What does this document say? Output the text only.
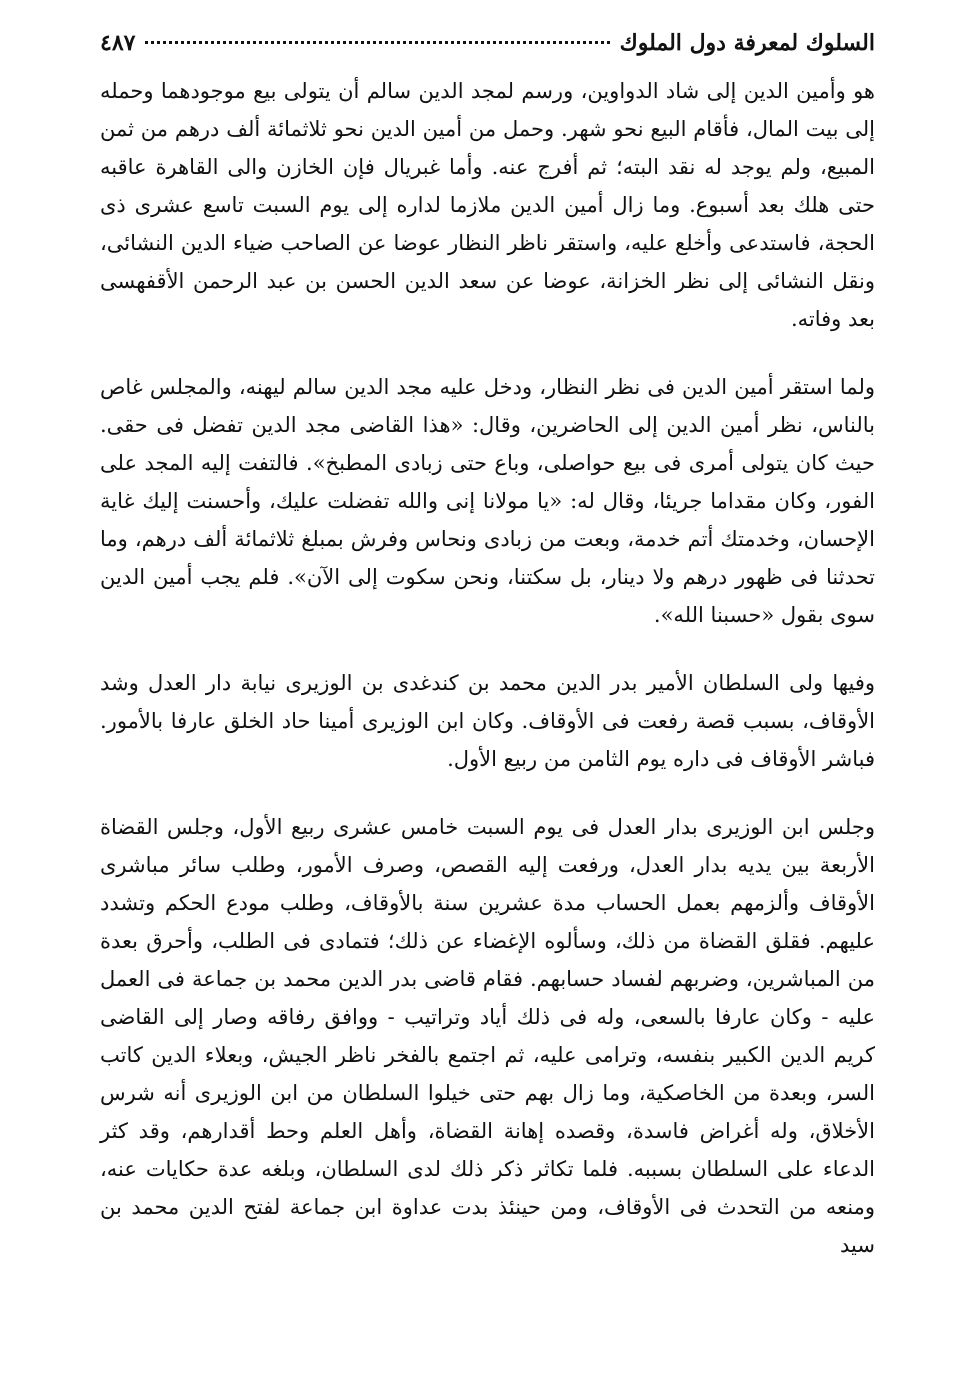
السلوك لمعرفة دول الملوك
٤٨٧

هو وأمين الدين إلى شاد الدواوين، ورسم لمجد الدين سالم أن يتولى بيع موجودهما وحمله إلى بيت المال، فأقام البيع نحو شهر. وحمل من أمين الدين نحو ثلاثمائة ألف درهم من ثمن المبيع، ولم يوجد له نقد البته؛ ثم أفرج عنه. وأما غبريال فإن الخازن والى القاهرة عاقبه حتى هلك بعد أسبوع. وما زال أمين الدين ملازما لداره إلى يوم السبت تاسع عشرى ذى الحجة، فاستدعى وأخلع عليه، واستقر ناظر النظار عوضا عن الصاحب ضياء الدين النشائى، ونقل النشائى إلى نظر الخزانة، عوضا عن سعد الدين الحسن بن عبد الرحمن الأقفهسى بعد وفاته.

ولما استقر أمين الدين فى نظر النظار، ودخل عليه مجد الدين سالم ليهنه، والمجلس غاص بالناس، نظر أمين الدين إلى الحاضرين، وقال: «هذا القاضى مجد الدين تفضل فى حقى. حيث كان يتولى أمرى فى بيع حواصلى، وباع حتى زبادى المطبخ». فالتفت إليه المجد على الفور، وكان مقداما جريئا، وقال له: «يا مولانا إنى والله تفضلت عليك، وأحسنت إليك غاية الإحسان، وخدمتك أتم خدمة، وبعت من زبادى ونحاس وفرش بمبلغ ثلاثمائة ألف درهم، وما تحدثنا فى ظهور درهم ولا دينار، بل سكتنا، ونحن سكوت إلى الآن». فلم يجب أمين الدين سوى بقول «حسبنا الله».

وفيها ولى السلطان الأمير بدر الدين محمد بن كندغدى بن الوزيرى نيابة دار العدل وشد الأوقاف، بسبب قصة رفعت فى الأوقاف. وكان ابن الوزيرى أمينا حاد الخلق عارفا بالأمور. فباشر الأوقاف فى داره يوم الثامن من ربيع الأول.

وجلس ابن الوزيرى بدار العدل فى يوم السبت خامس عشرى ربيع الأول، وجلس القضاة الأربعة بين يديه بدار العدل، ورفعت إليه القصص، وصرف الأمور، وطلب سائر مباشرى الأوقاف وألزمهم بعمل الحساب مدة عشرين سنة بالأوقاف، وطلب مودع الحكم وتشدد عليهم. فقلق القضاة من ذلك، وسألوه الإغضاء عن ذلك؛ فتمادى فى الطلب، وأحرق بعدة من المباشرين، وضربهم لفساد حسابهم. فقام قاضى بدر الدين محمد بن جماعة فى العمل عليه - وكان عارفا بالسعى، وله فى ذلك أياد وتراتيب - ووافق رفاقه وصار إلى القاضى كريم الدين الكبير بنفسه، وترامى عليه، ثم اجتمع بالفخر ناظر الجيش، وبعلاء الدين كاتب السر، وبعدة من الخاصكية، وما زال بهم حتى خيلوا السلطان من ابن الوزيرى أنه شرس الأخلاق، وله أغراض فاسدة، وقصده إهانة القضاة، وأهل العلم وحط أقدارهم، وقد كثر الدعاء على السلطان بسببه. فلما تكاثر ذكر ذلك لدى السلطان، وبلغه عدة حكايات عنه، ومنعه من التحدث فى الأوقاف، ومن حينئذ بدت عداوة ابن جماعة لفتح الدين محمد بن سيد
